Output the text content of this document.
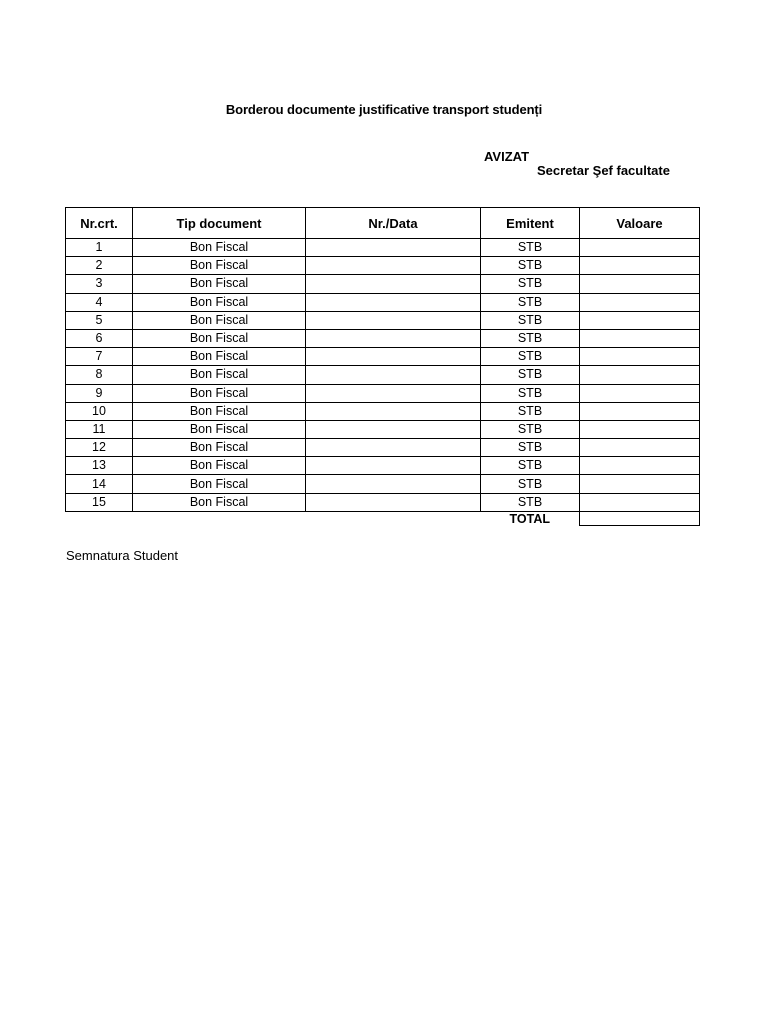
Borderou documente justificative transport studenți
AVIZAT
Secretar Şef facultate
Nr.crt.	Tip document	Nr./Data	Emitent	Valoare
1	Bon Fiscal		STB	
2	Bon Fiscal		STB	
3	Bon Fiscal		STB	
4	Bon Fiscal		STB	
5	Bon Fiscal		STB	
6	Bon Fiscal		STB	
7	Bon Fiscal		STB	
8	Bon Fiscal		STB	
9	Bon Fiscal		STB	
10	Bon Fiscal		STB	
11	Bon Fiscal		STB	
12	Bon Fiscal		STB	
13	Bon Fiscal		STB	
14	Bon Fiscal		STB	
15	Bon Fiscal		STB	
			TOTAL	
Semnatura Student
